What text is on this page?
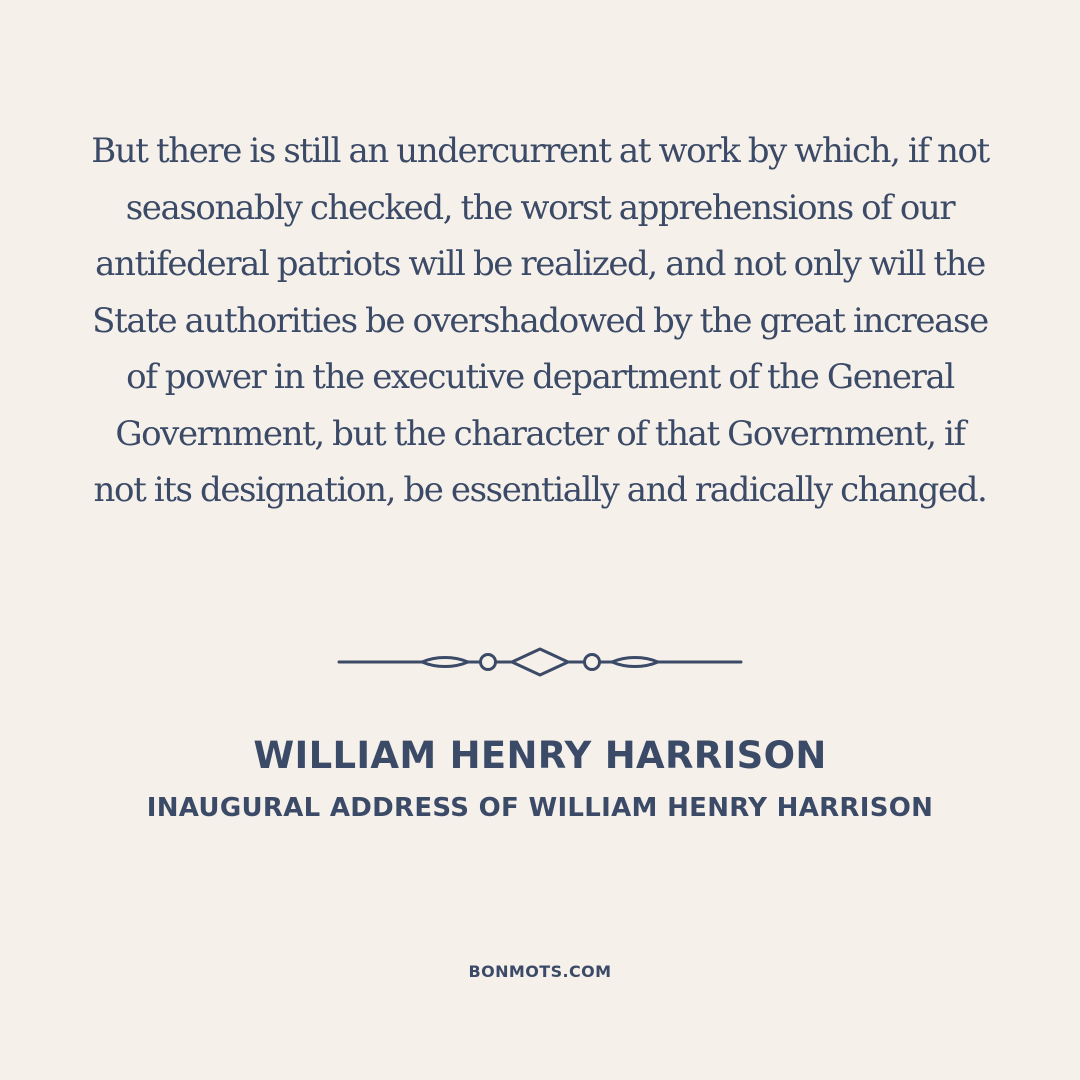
But there is still an undercurrent at work by which, if not seasonably checked, the worst apprehensions of our antifederal patriots will be realized, and not only will the State authorities be overshadowed by the great increase of power in the executive department of the General Government, but the character of that Government, if not its designation, be essentially and radically changed.

WILLIAM HENRY HARRISON
INAUGURAL ADDRESS OF WILLIAM HENRY HARRISON
BONMOTS.COM
